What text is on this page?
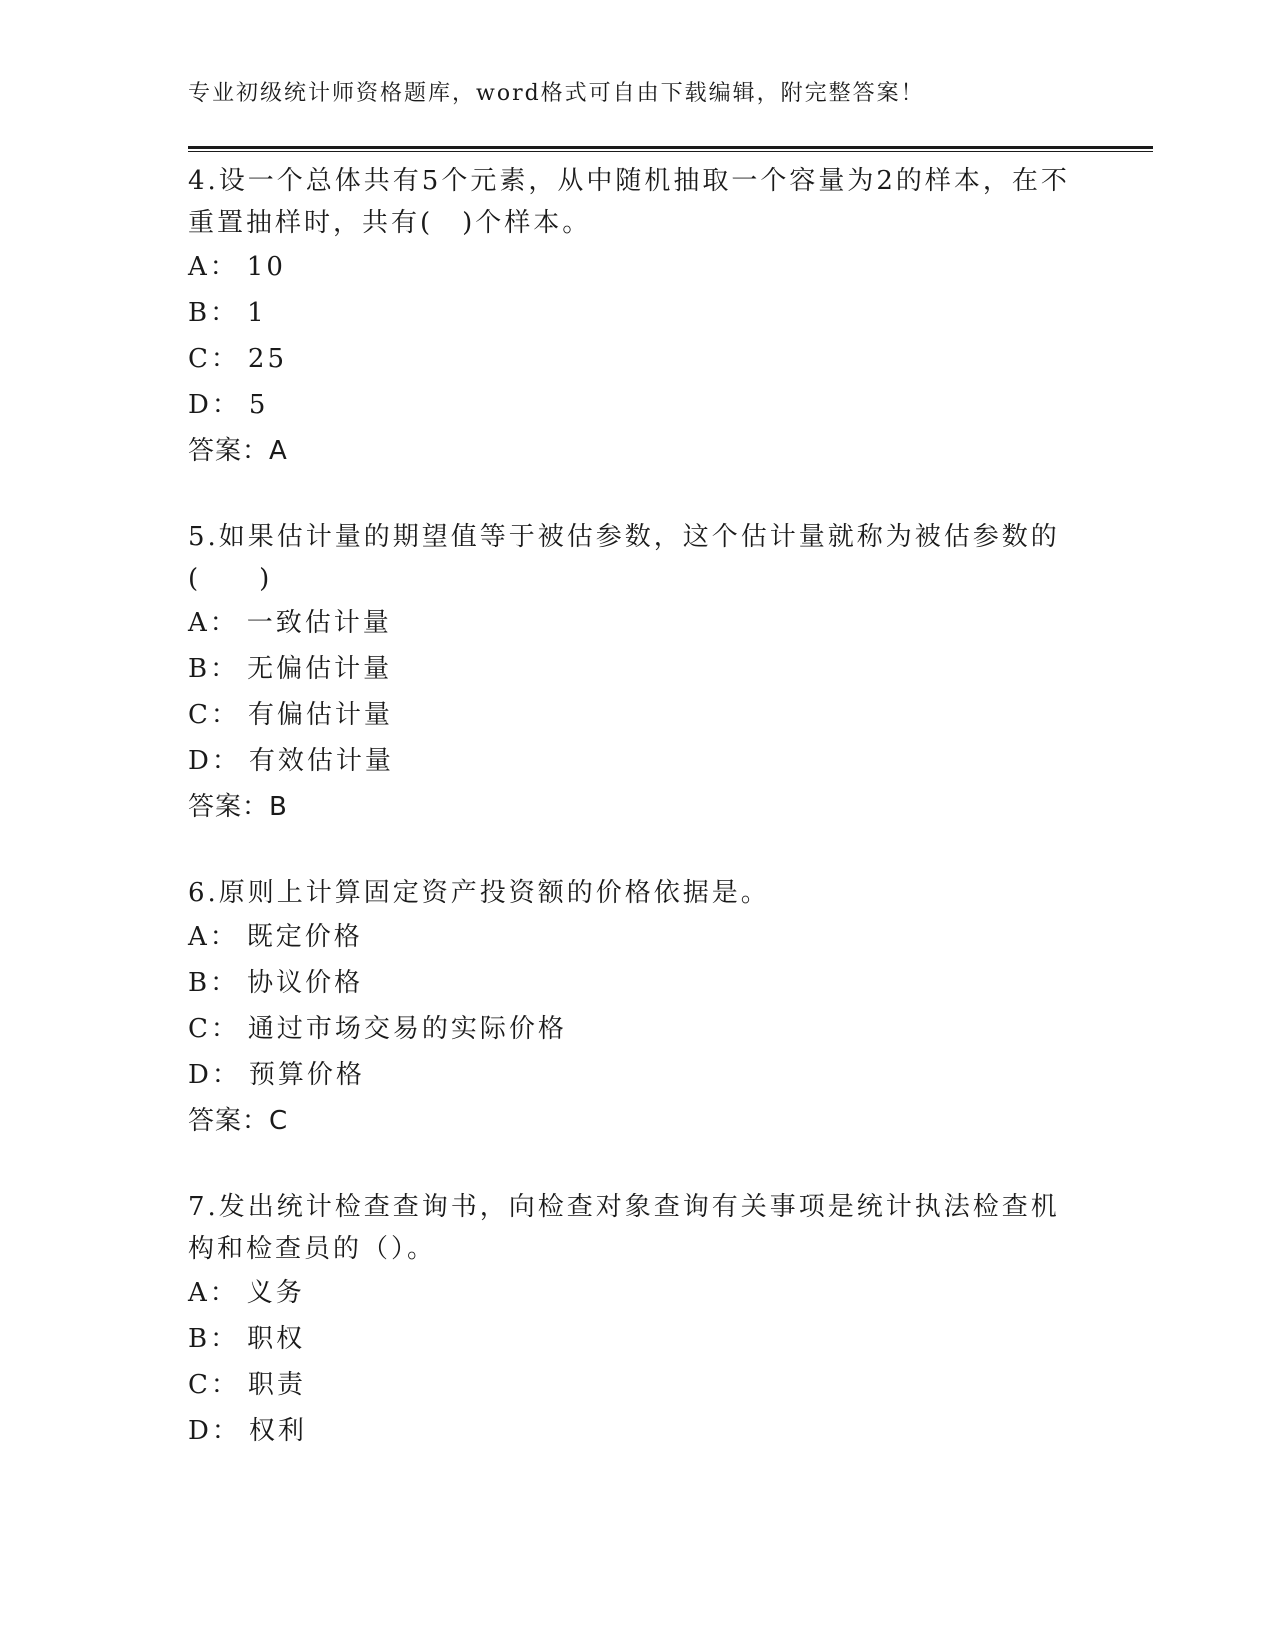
专业初级统计师资格题库，word格式可自由下载编辑，附完整答案！

4.设一个总体共有5个元素，从中随机抽取一个容量为2的样本，在不重置抽样时，共有(　)个样本。

A： 10
B： 1
C： 25
D： 5
答案：A

5.如果估计量的期望值等于被估参数，这个估计量就称为被估参数的(　　)

A： 一致估计量
B： 无偏估计量
C： 有偏估计量
D： 有效估计量
答案：B

6.原则上计算固定资产投资额的价格依据是。

A： 既定价格
B： 协议价格
C： 通过市场交易的实际价格
D： 预算价格
答案：C

7.发出统计检查查询书，向检查对象查询有关事项是统计执法检查机构和检查员的（）。

A： 义务
B： 职权
C： 职责
D： 权利
